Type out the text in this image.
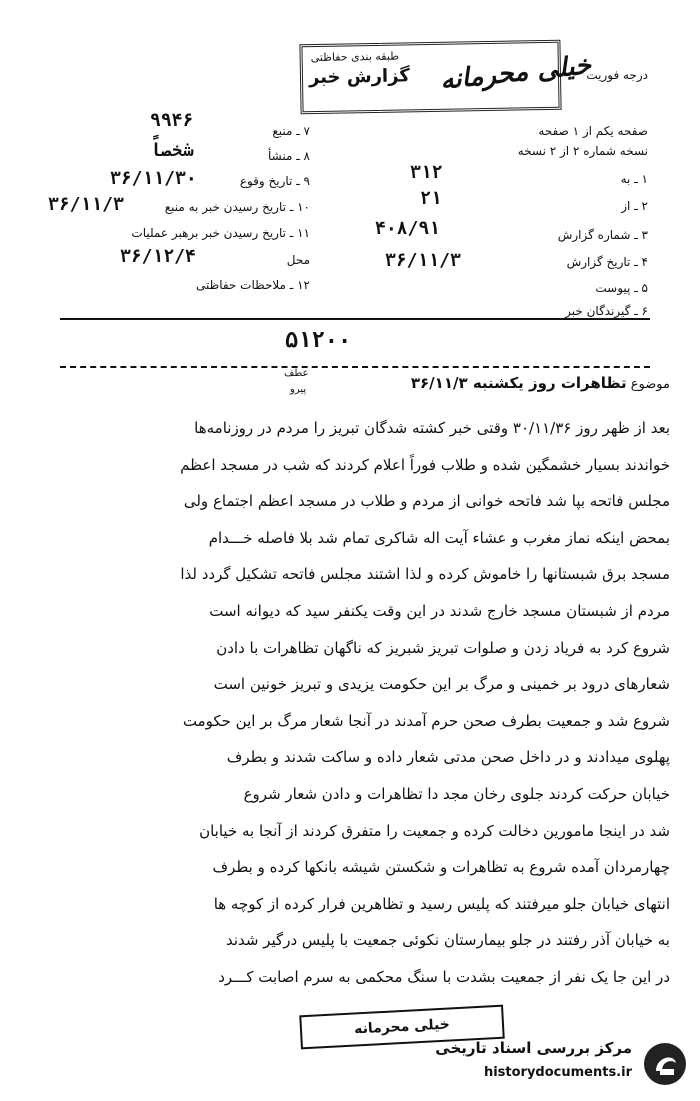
طبقه بندی حفاظتی
گزارش خبر خیلی محرمانه
درجه فوریت
صفحه یکم از ۱ صفحه
نسخه شماره ۲ از ۲ نسخه
۱ ـ به
۲ ـ از
۳ ـ شماره گزارش
۴ ـ تاریخ گزارش
۵ ـ پیوست
۶ ـ گیرندگان خبر
۳۱۲
۲۱
۴۰۸/۹۱
۳۶/۱۱/۳
۷ ـ منبع
۸ ـ منشأ
۹ ـ تاریخ وقوع
۱۰ ـ تاریخ رسیدن خبر به منبع
۱۱ ـ تاریخ رسیدن خبر برهبر عملیات
محل
۱۲ ـ ملاحظات حفاظتی
۹۹۴۶
شخصاً
۳۶/۱۱/۳۰
۳۶/۱۱/۳
۳۶/۱۲/۴
۵۱۲۰۰
موضوع تظاهرات روز یکشنبه ۳۶/۱۱/۳
عطف
پیرو
بعد از ظهر روز ۳۰/۱۱/۳۶ وقتی خبر کشته شدگان تبریز را مردم در روزنامه‌ها
خواندند بسیار خشمگین شده و طلاب فوراً اعلام کردند که شب در مسجد اعظم
مجلس فاتحه بپا شد فاتحه خوانی از مردم و طلاب در مسجد اعظم اجتماع ولی
بمحض اینکه نماز مغرب و عشاء آیت اله شاکری تمام شد بلا فاصله خـــدام
مسجد برق شبستانها را خاموش کرده و لذا اشتند مجلس فاتحه تشکیل گردد لذا
مردم از شبستان مسجد خارج شدند در این وقت یکنفر سید که دیوانه است
شروع کرد به فریاد زدن و صلوات تبریز شبریز که ناگهان تظاهرات با دادن
شعارهای درود بر خمینی و مرگ بر این حکومت یزیدی و تبریز خونین است
شروع شد و جمعیت بطرف صحن حرم آمدند در آنجا شعار مرگ بر این حکومت
پهلوی میدادند و در داخل صحن مدتی شعار داده و ساکت شدند و بطرف
خیابان حرکت کردند جلوی رخان مجد دا تظاهرات و دادن شعار شروع
شد در اینجا مامورین دخالت کرده و جمعیت را متفرق کردند از آنجا به خیابان
چهارمردان آمده شروع به تظاهرات و شکستن شیشه بانکها کرده و بطرف
انتهای خیابان جلو میرفتند که پلیس رسید و تظاهرین فرار کرده از کوچه ها
به خیابان آذر رفتند در جلو بیمارستان نکوئی جمعیت با پلیس درگیر شدند
در این جا یک نفر از جمعیت بشدت با سنگ محکمی به سرم اصابت کـــرد
خیلی محرمانه
مرکز بررسی اسناد تاریخی
historydocuments.ir
